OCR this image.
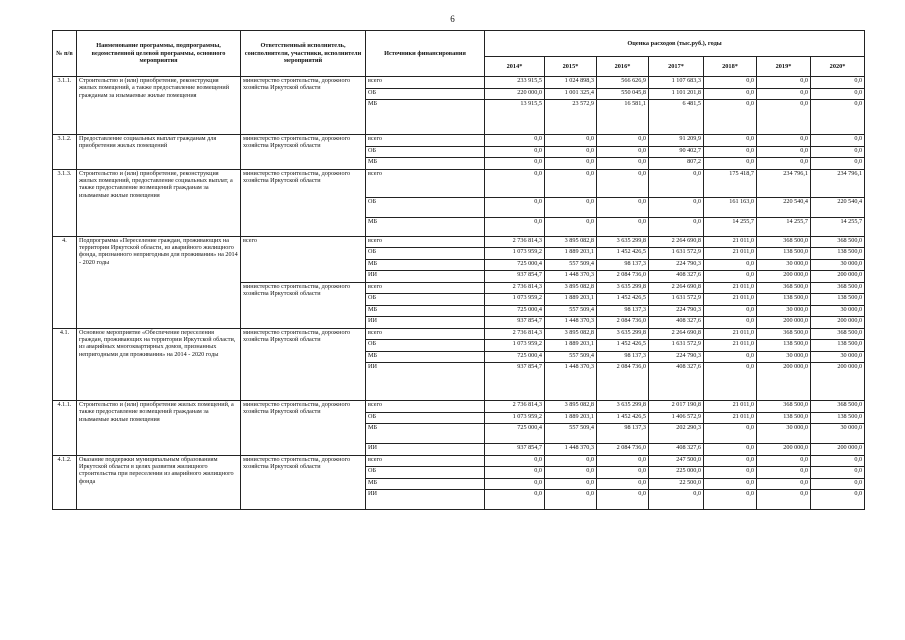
6
№ п/в	Наименование программы, подпрограммы, ведомственной целевой программы, основного мероприятия	Ответственный исполнитель, соисполнители, участники, исполнители мероприятий	Источники финансирования	Оценка расходов (тыс.руб.), годы						
				2014*	2015*	2016*	2017*	2018*	2019*	2020*
3.1.1.	Строительство и (или) приобретение, реконструкция жилых помещений, а также предоставление возмещений гражданам за изымаемые жилые помещения	министерство строительства, дорожного хозяйства Иркутской области	всего	233 915,5	1 024 898,3	566 626,9	1 107 683,3	0,0	0,0	0,0
			ОБ	220 000,0	1 001 325,4	550 045,8	1 101 201,8	0,0	0,0	0,0
			МБ	13 915,5	23 572,9	16 581,1	6 481,5	0,0	0,0	0,0
3.1.2.	Предоставление социальных выплат гражданам для приобретения жилых помещений	министерство строительства, дорожного хозяйства Иркутской области	всего	0,0	0,0	0,0	91 209,9	0,0	0,0	0,0
			ОБ	0,0	0,0	0,0	90 402,7	0,0	0,0	0,0
			МБ	0,0	0,0	0,0	807,2	0,0	0,0	0,0
3.1.3.	Строительство и (или) приобретение, реконструкция жилых помещений, предоставление социальных выплат, а также предоставление возмещений гражданам за изымаемые жилые помещения	министерство строительства, дорожного хозяйства Иркутской области	всего	0,0	0,0	0,0	0,0	175 418,7	234 796,1	234 796,1
			ОБ	0,0	0,0	0,0	0,0	161 163,0	220 540,4	220 540,4
			МБ	0,0	0,0	0,0	0,0	14 255,7	14 255,7	14 255,7
4.	Подпрограмма «Переселение граждан, проживающих на территории Иркутской области, из аварийного жилищного фонда, признанного непригодным для проживания» на 2014 - 2020 годы	всего	всего	2 736 814,3	3 895 082,8	3 635 299,8	2 264 690,8	21 011,0	368 500,0	368 500,0
			ОБ	1 073 959,2	1 889 203,1	1 452 426,5	1 631 572,9	21 011,0	138 500,0	138 500,0
			МБ	725 000,4	557 509,4	98 137,3	224 790,3	0,0	30 000,0	30 000,0
			ИИ	937 854,7	1 448 370,3	2 084 736,0	408 327,6	0,0	200 000,0	200 000,0
		министерство строительства, дорожного хозяйства Иркутской области	всего	2 736 814,3	3 895 082,8	3 635 299,8	2 264 690,8	21 011,0	368 500,0	368 500,0
			ОБ	1 073 959,2	1 889 203,1	1 452 426,5	1 631 572,9	21 011,0	138 500,0	138 500,0
			МБ	725 000,4	557 509,4	98 137,3	224 790,3	0,0	30 000,0	30 000,0
			ИИ	937 854,7	1 448 370,3	2 084 736,0	408 327,6	0,0	200 000,0	200 000,0
4.1.	Основное мероприятие «Обеспечение переселения граждан, проживающих на территории Иркутской области, из аварийных многоквартирных домов, признанных непригодными для проживания» на 2014 - 2020 годы	министерство строительства, дорожного хозяйства Иркутской области	всего	2 736 814,3	3 895 082,8	3 635 299,8	2 264 690,8	21 011,0	368 500,0	368 500,0
			ОБ	1 073 959,2	1 889 203,1	1 452 426,5	1 631 572,9	21 011,0	138 500,0	138 500,0
			МБ	725 000,4	557 509,4	98 137,3	224 790,3	0,0	30 000,0	30 000,0
			ИИ	937 854,7	1 448 370,3	2 084 736,0	408 327,6	0,0	200 000,0	200 000,0
4.1.1.	Строительство и (или) приобретение жилых помещений, а также предоставление возмещений гражданам за изымаемые жилые помещения	министерство строительства, дорожного хозяйства Иркутской области	всего	2 736 814,3	3 895 082,8	3 635 299,8	2 017 190,8	21 011,0	368 500,0	368 500,0
			ОБ	1 073 959,2	1 889 203,1	1 452 426,5	1 406 572,9	21 011,0	138 500,0	138 500,0
			МБ	725 000,4	557 509,4	98 137,3	202 290,3	0,0	30 000,0	30 000,0
			ИИ	937 854,7	1 448 370,3	2 084 736,0	408 327,6	0,0	200 000,0	200 000,0
4.1.2.	Оказание поддержки муниципальным образованиям Иркутской области в целях развития жилищного строительства при переселении из аварийного жилищного фонда	министерство строительства, дорожного хозяйства Иркутской области	всего	0,0	0,0	0,0	247 500,0	0,0	0,0	0,0
			ОБ	0,0	0,0	0,0	225 000,0	0,0	0,0	0,0
			МБ	0,0	0,0	0,0	22 500,0	0,0	0,0	0,0
			ИИ	0,0	0,0	0,0	0,0	0,0	0,0	0,0
